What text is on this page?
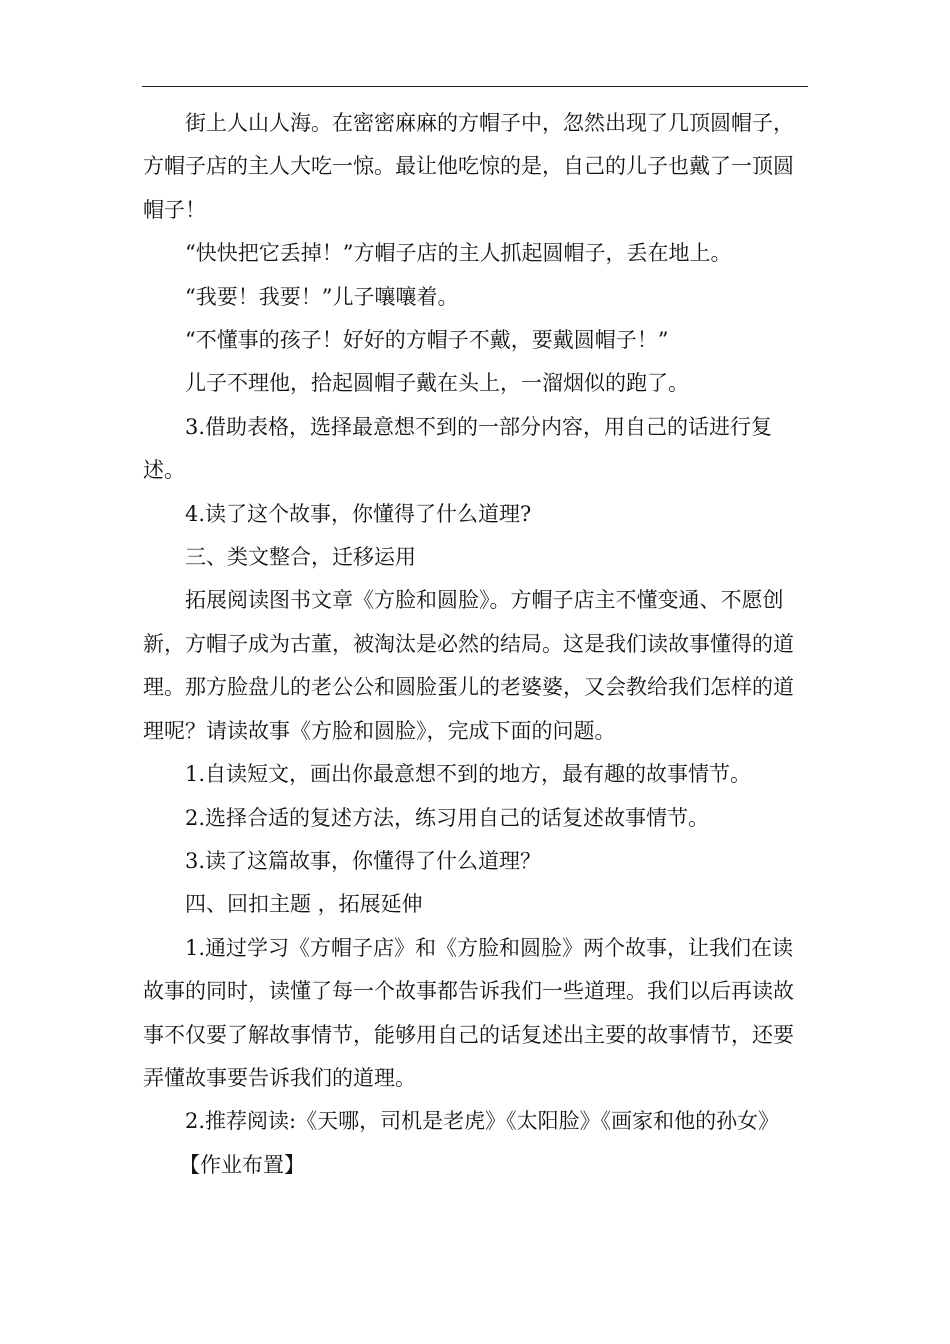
街上人山人海。在密密麻麻的方帽子中，忽然出现了几顶圆帽子，方帽子店的主人大吃一惊。最让他吃惊的是，自己的儿子也戴了一顶圆帽子！

“快快把它丢掉！”方帽子店的主人抓起圆帽子，丢在地上。

“我要！我要！”儿子嚷嚷着。

“不懂事的孩子！好好的方帽子不戴，要戴圆帽子！”

儿子不理他，拾起圆帽子戴在头上，一溜烟似的跑了。

3.借助表格，选择最意想不到的一部分内容，用自己的话进行复述。

4.读了这个故事，你懂得了什么道理?

三、类文整合，迁移运用

拓展阅读图书文章《方脸和圆脸》。方帽子店主不懂变通、不愿创新，方帽子成为古董，被淘汰是必然的结局。这是我们读故事懂得的道理。那方脸盘儿的老公公和圆脸蛋儿的老婆婆，又会教给我们怎样的道理呢？请读故事《方脸和圆脸》，完成下面的问题。

1.自读短文，画出你最意想不到的地方，最有趣的故事情节。

2.选择合适的复述方法，练习用自己的话复述故事情节。

3.读了这篇故事，你懂得了什么道理？

四、回扣主题 ，拓展延伸

1.通过学习《方帽子店》和《方脸和圆脸》两个故事，让我们在读故事的同时，读懂了每一个故事都告诉我们一些道理。我们以后再读故事不仅要了解故事情节，能够用自己的话复述出主要的故事情节，还要弄懂故事要告诉我们的道理。

2.推荐阅读:《天哪，司机是老虎》《太阳脸》《画家和他的孙女》

【作业布置】
